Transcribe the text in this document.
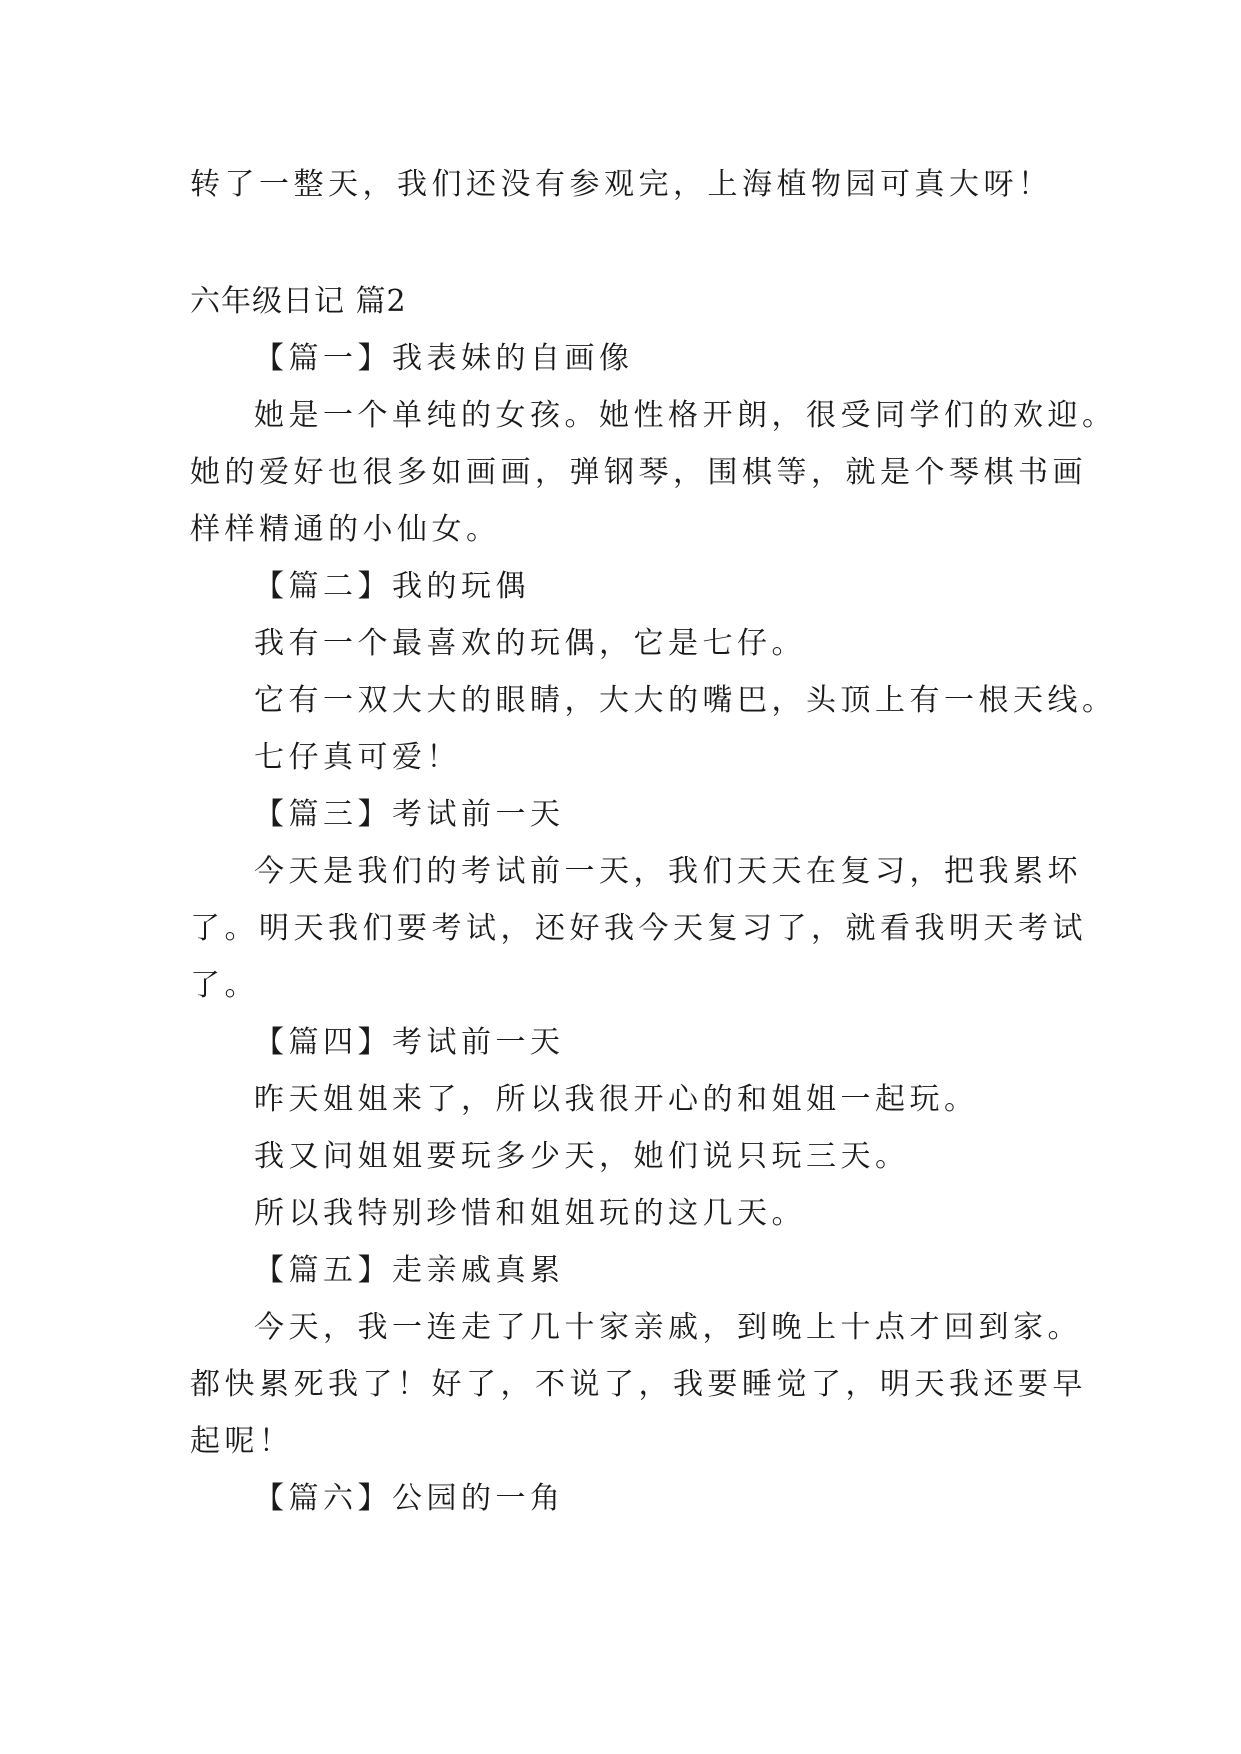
转了一整天，我们还没有参观完，上海植物园可真大呀！
六年级日记 篇2
【篇一】我表妹的自画像
她是一个单纯的女孩。她性格开朗，很受同学们的欢迎。
她的爱好也很多如画画，弹钢琴，围棋等，就是个琴棋书画
样样精通的小仙女。
【篇二】我的玩偶
我有一个最喜欢的玩偶，它是七仔。
它有一双大大的眼睛，大大的嘴巴，头顶上有一根天线。
七仔真可爱！
【篇三】考试前一天
今天是我们的考试前一天，我们天天在复习，把我累坏
了。明天我们要考试，还好我今天复习了，就看我明天考试
了。
【篇四】考试前一天
昨天姐姐来了，所以我很开心的和姐姐一起玩。
我又问姐姐要玩多少天，她们说只玩三天。
所以我特别珍惜和姐姐玩的这几天。
【篇五】走亲戚真累
今天，我一连走了几十家亲戚，到晚上十点才回到家。
都快累死我了！好了，不说了，我要睡觉了，明天我还要早
起呢！
【篇六】公园的一角
